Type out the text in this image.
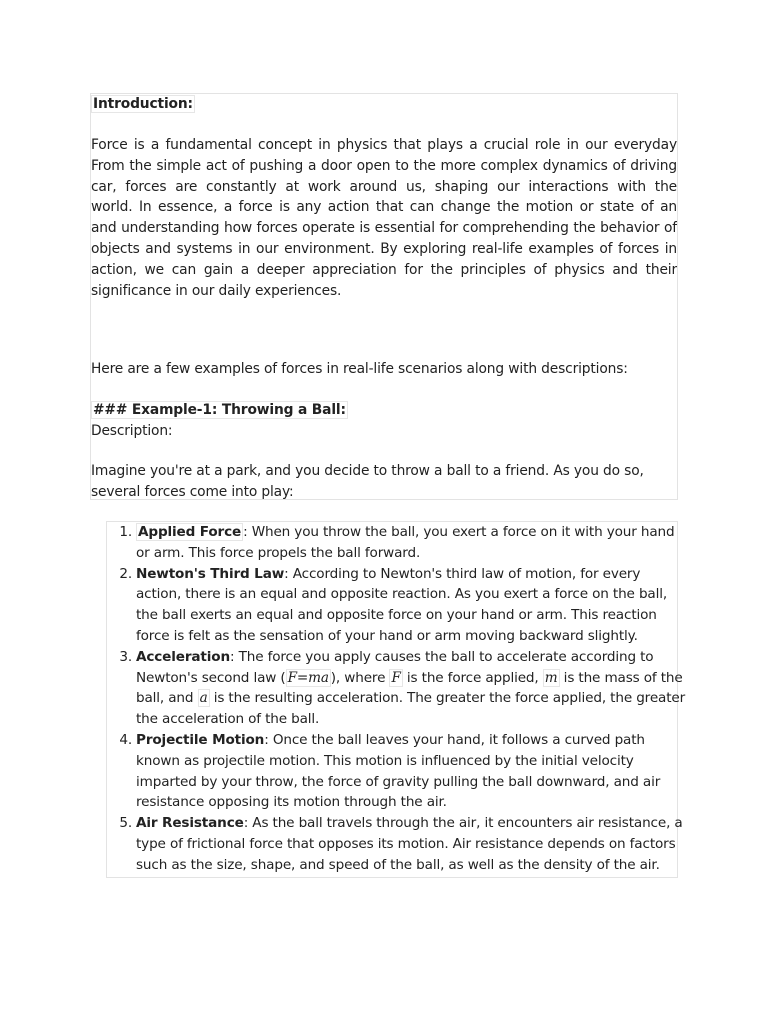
Introduction:
Force is a fundamental concept in physics that plays a crucial role in our everyday
From the simple act of pushing a door open to the more complex dynamics of driving
car, forces are constantly at work around us, shaping our interactions with the
world. In essence, a force is any action that can change the motion or state of an
and understanding how forces operate is essential for comprehending the behavior of
objects and systems in our environment. By exploring real-life examples of forces in
action, we can gain a deeper appreciation for the principles of physics and their
significance in our daily experiences.
Here are a few examples of forces in real-life scenarios along with descriptions:
### Example-1: Throwing a Ball:
Description:
Imagine you're at a park, and you decide to throw a ball to a friend. As you do so,
several forces come into play:
1. Applied Force : When you throw the ball, you exert a force on it with your hand
or arm. This force propels the ball forward.
2. Newton's Third Law: According to Newton's third law of motion, for every
action, there is an equal and opposite reaction. As you exert a force on the ball,
the ball exerts an equal and opposite force on your hand or arm. This reaction
force is felt as the sensation of your hand or arm moving backward slightly.
3. Acceleration: The force you apply causes the ball to accelerate according to
Newton's second law ( F=ma ), where F is the force applied, m is the mass of the
ball, and a is the resulting acceleration. The greater the force applied, the greater
the acceleration of the ball.
4. Projectile Motion: Once the ball leaves your hand, it follows a curved path
known as projectile motion. This motion is influenced by the initial velocity
imparted by your throw, the force of gravity pulling the ball downward, and air
resistance opposing its motion through the air.
5. Air Resistance: As the ball travels through the air, it encounters air resistance, a
type of frictional force that opposes its motion. Air resistance depends on factors
such as the size, shape, and speed of the ball, as well as the density of the air.
